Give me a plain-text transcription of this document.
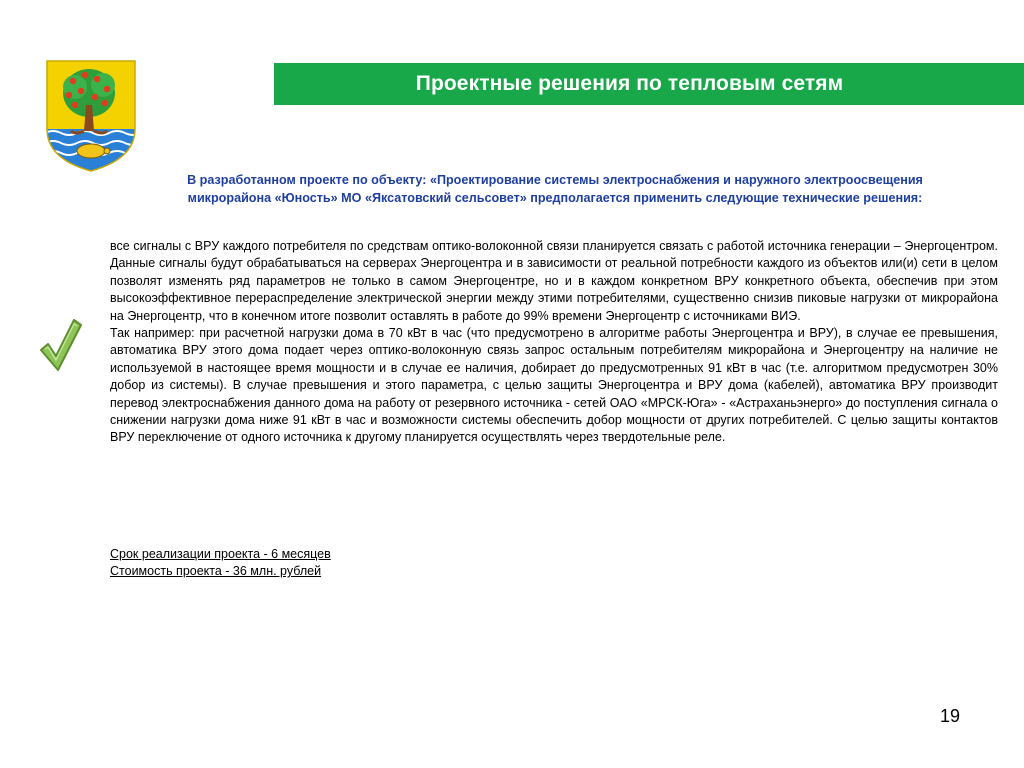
Проектные решения по тепловым сетям
В разработанном проекте по объекту: «Проектирование системы электроснабжения и наружного электроосвещения
микрорайона «Юность» МО «Яксатовский сельсовет» предполагается применить следующие технические решения:

все сигналы с ВРУ каждого потребителя по средствам оптико-волоконной связи планируется связать с работой источника генерации – Энергоцентром. Данные сигналы будут обрабатываться на серверах Энергоцентра и в зависимости от реальной потребности каждого из объектов или(и) сети в целом позволят изменять ряд параметров не только в самом Энергоцентре, но и в каждом конкретном ВРУ конкретного объекта, обеспечив при этом высокоэффективное перераспределение электрической энергии между этими потребителями, существенно снизив пиковые нагрузки от микрорайона на Энергоцентр, что в конечном итоге позволит оставлять в работе до 99% времени Энергоцентр с источниками ВИЭ.

Так например: при расчетной нагрузки дома в 70 кВт в час (что предусмотрено в алгоритме работы Энергоцентра и ВРУ), в случае ее превышения, автоматика ВРУ этого дома подает через оптико-волоконную связь запрос остальным потребителям микрорайона и Энергоцентру на наличие не используемой в настоящее время мощности и в случае ее наличия, добирает до предусмотренных 91 кВт в час (т.е. алгоритмом предусмотрен 30% добор из системы). В случае превышения и этого параметра, с целью защиты Энергоцентра и ВРУ дома (кабелей), автоматика ВРУ производит перевод электроснабжения данного дома на работу от резервного источника - сетей ОАО «МРСК-Юга» - «Астраханьэнерго» до поступления сигнала о снижении нагрузки дома ниже 91 кВт в час и возможности системы обеспечить добор мощности от других потребителей. С целью защиты контактов ВРУ переключение от одного источника к другому планируется осуществлять через твердотельные реле.

Срок реализации проекта - 6 месяцев
Стоимость проекта - 36 млн. рублей
19
